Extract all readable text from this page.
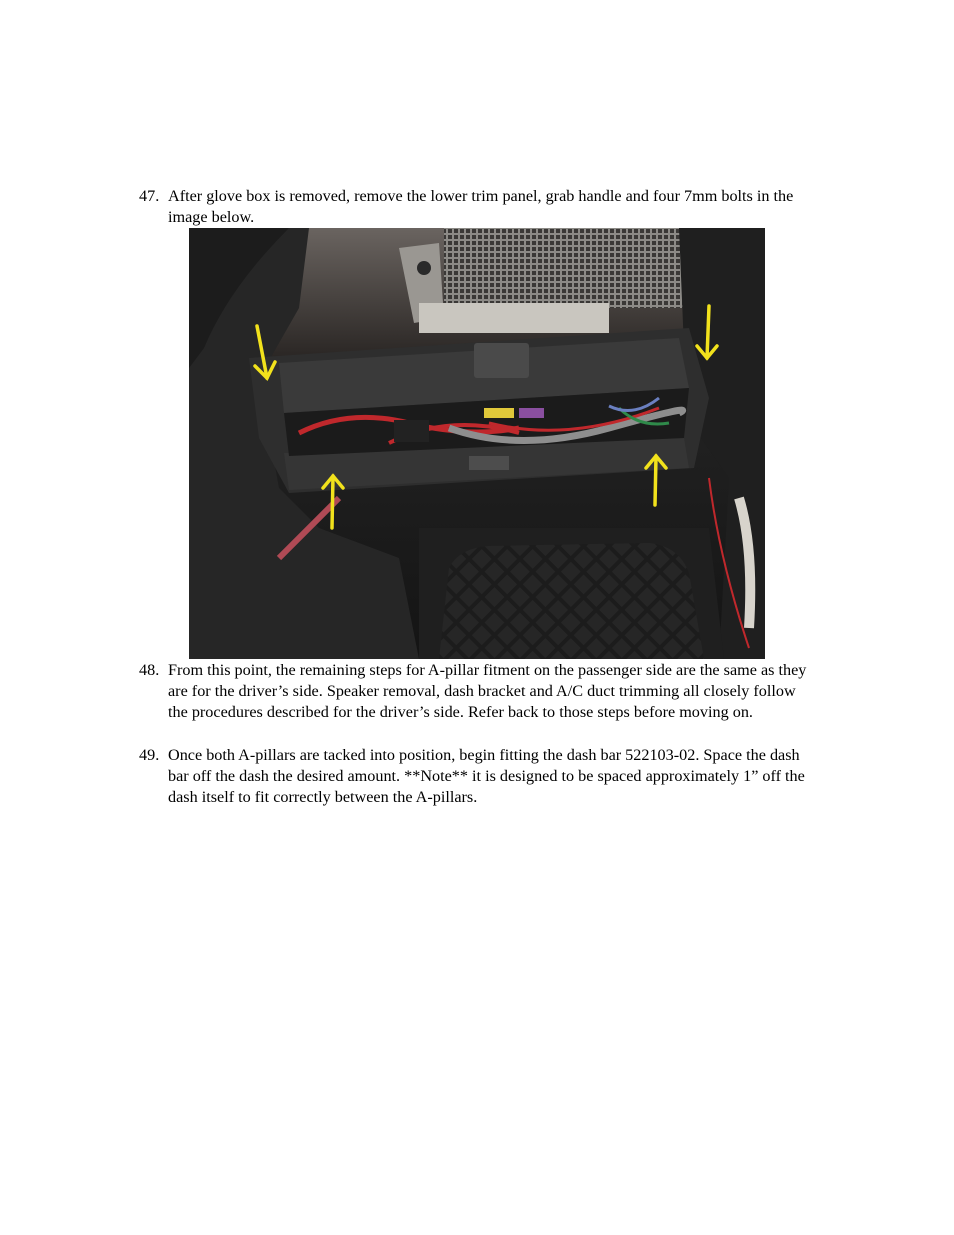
47. After glove box is removed, remove the lower trim panel, grab handle and four 7mm bolts in the image below.
48. From this point, the remaining steps for A-pillar fitment on the passenger side are the same as they are for the driver’s side. Speaker removal, dash bracket and A/C duct trimming all closely follow the procedures described for the driver’s side. Refer back to those steps before moving on.
49. Once both A-pillars are tacked into position, begin fitting the dash bar 522103-02. Space the dash bar off the dash the desired amount. **Note** it is designed to be spaced approximately 1” off the dash itself to fit correctly between the A-pillars.
